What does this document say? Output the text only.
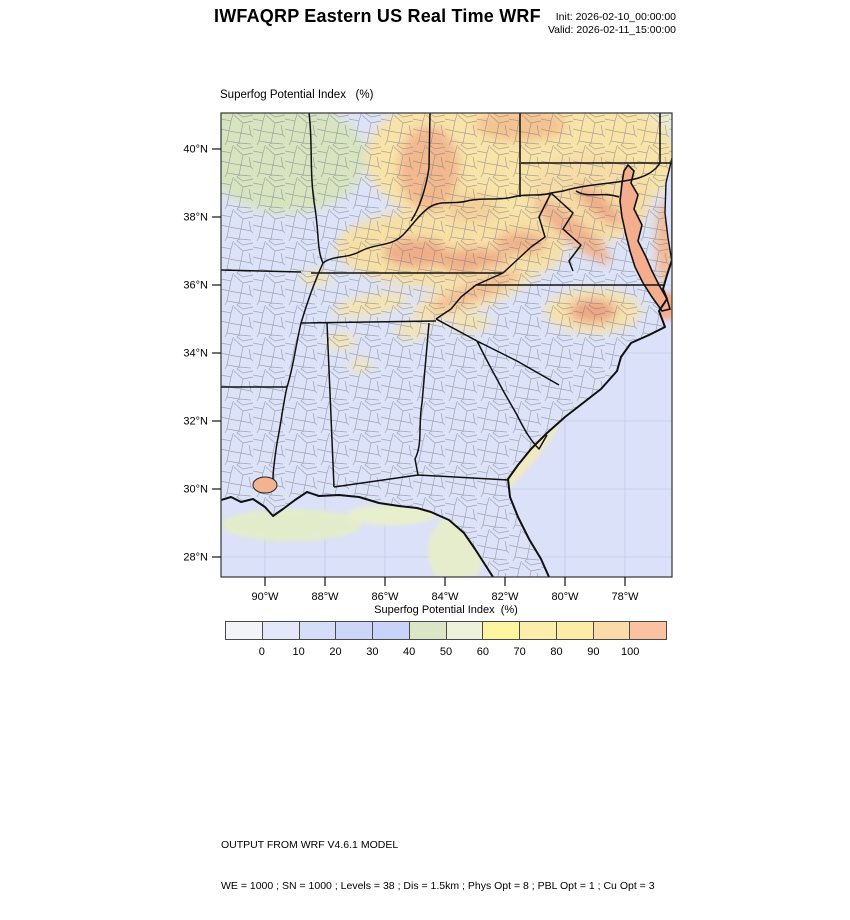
IWFAQRP Eastern US Real Time WRF	Init: 2026-02-10_00:00:00
Valid: 2026-02-11_15:00:00
Superfog Potential Index   (%)
40°N
38°N
36°N
34°N
32°N
30°N
28°N
90°W	88°W	86°W	84°W	82°W	80°W	78°W
Superfog Potential Index  (%)
0	10 20 30 40 50 60 70 80 90 100

OUTPUT FROM WRF V4.6.1 MODEL

WE = 1000 ; SN = 1000 ; Levels = 38 ; Dis = 1.5km ; Phys Opt = 8 ; PBL Opt = 1 ; Cu Opt = 3
